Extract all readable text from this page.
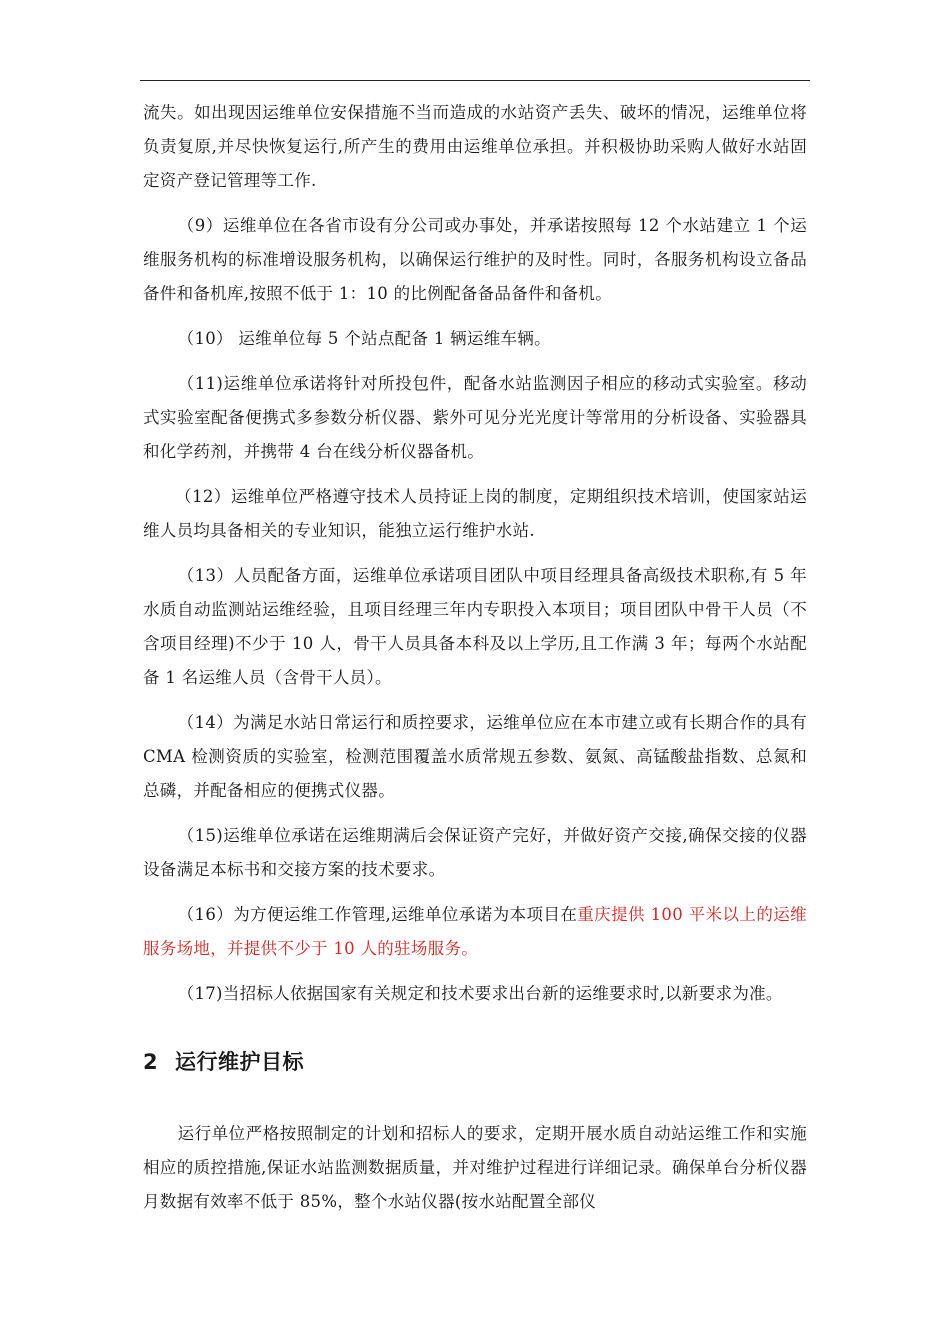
流失。如出现因运维单位安保措施不当而造成的水站资产丢失、破坏的情况，运维单位将负责复原,并尽快恢复运行,所产生的费用由运维单位承担。并积极协助采购人做好水站固定资产登记管理等工作.

（9）运维单位在各省市设有分公司或办事处，并承诺按照每 12 个水站建立 1 个运维服务机构的标准增设服务机构，以确保运行维护的及时性。同时，各服务机构设立备品备件和备机库,按照不低于 1：10 的比例配备备品备件和备机。

（10） 运维单位每 5 个站点配备 1 辆运维车辆。

（11)运维单位承诺将针对所投包件，配备水站监测因子相应的移动式实验室。移动式实验室配备便携式多参数分析仪器、紫外可见分光光度计等常用的分析设备、实验器具和化学药剂，并携带 4 台在线分析仪器备机。

（12）运维单位严格遵守技术人员持证上岗的制度，定期组织技术培训，使国家站运维人员均具备相关的专业知识，能独立运行维护水站.

（13）人员配备方面，运维单位承诺项目团队中项目经理具备高级技术职称,有 5 年水质自动监测站运维经验，且项目经理三年内专职投入本项目；项目团队中骨干人员（不含项目经理)不少于 10 人，骨干人员具备本科及以上学历,且工作满 3 年；每两个水站配备 1 名运维人员（含骨干人员）。

（14）为满足水站日常运行和质控要求，运维单位应在本市建立或有长期合作的具有 CMA 检测资质的实验室，检测范围覆盖水质常规五参数、氨氮、高锰酸盐指数、总氮和总磷，并配备相应的便携式仪器。

（15)运维单位承诺在运维期满后会保证资产完好，并做好资产交接,确保交接的仪器设备满足本标书和交接方案的技术要求。

（16）为方便运维工作管理,运维单位承诺为本项目在重庆提供 100 平米以上的运维服务场地，并提供不少于 10 人的驻场服务。

（17)当招标人依据国家有关规定和技术要求出台新的运维要求时,以新要求为准。

2 运行维护目标

运行单位严格按照制定的计划和招标人的要求，定期开展水质自动站运维工作和实施相应的质控措施,保证水站监测数据质量，并对维护过程进行详细记录。确保单台分析仪器月数据有效率不低于 85%，整个水站仪器(按水站配置全部仪
